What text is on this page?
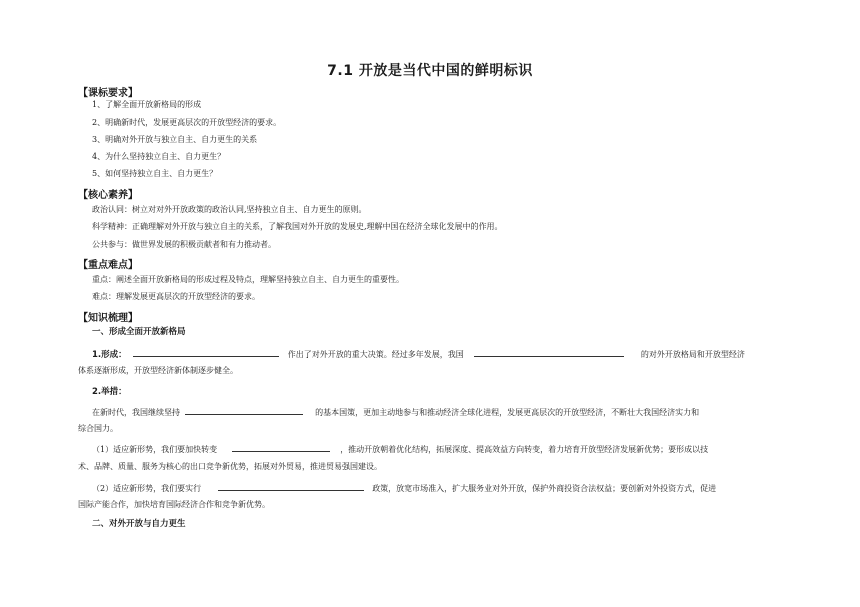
7.1 开放是当代中国的鲜明标识
【课标要求】
1、了解全面开放新格局的形成
2、明确新时代，发展更高层次的开放型经济的要求。
3、明确对外开放与独立自主、自力更生的关系
4、为什么坚持独立自主、自力更生？
5、如何坚持独立自主、自力更生？
【核心素养】
政治认同：树立对对外开放政策的政治认同,坚持独立自主、自力更生的原则。
科学精神：正确理解对外开放与独立自主的关系，了解我国对外开放的发展史,理解中国在经济全球化发展中的作用。
公共参与：做世界发展的积极贡献者和有力推动者。
【重点难点】
重点：阐述全面开放新格局的形成过程及特点，理解坚持独立自主、自力更生的重要性。
难点：理解发展更高层次的开放型经济的要求。
【知识梳理】
一、形成全面开放新格局
1.形成：	作出了对外开放的重大决策。经过多年发展，我国	的对外开放格局和开放型经济
体系逐渐形成，开放型经济新体制逐步健全。
2.举措：
在新时代，我国继续坚持	的基本国策，更加主动地参与和推动经济全球化进程，发展更高层次的开放型经济，不断壮大我国经济实力和
综合国力。
（1）适应新形势，我们要加快转变	，推动开放朝着优化结构，拓展深度、提高效益方向转变，着力培育开放型经济发展新优势；要形成以技
术、品牌、质量、服务为核心的出口竞争新优势，拓展对外贸易，推进贸易强国建设。
（2）适应新形势，我们要实行	政策，放宽市场准入，扩大服务业对外开放，保护外商投资合法权益；要创新对外投资方式，促进
国际产能合作，加快培育国际经济合作和竞争新优势。
二、对外开放与自力更生
